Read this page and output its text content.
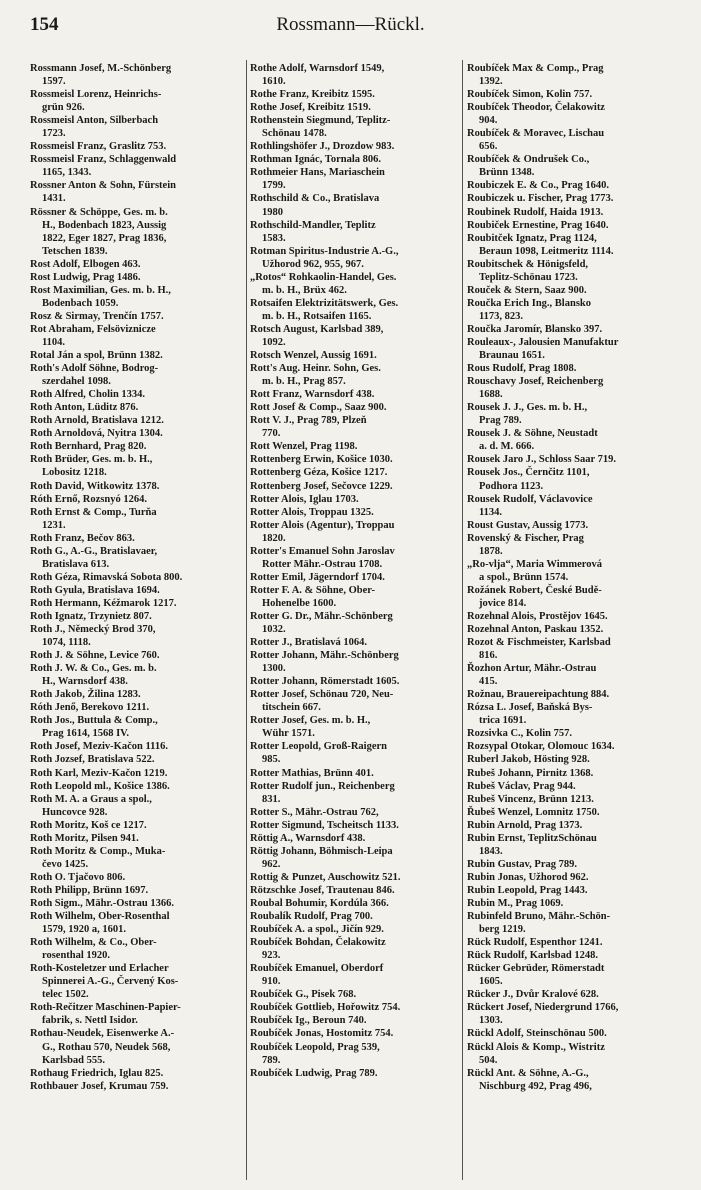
154	Rossmann—Rückl.
Rossmann Josef, M.-Schönberg
1597.
Rossmeisl Lorenz, Heinrichs-
grün 926.
Rossmeisl Anton, Silberbach
1723.
Rossmeisl Franz, Graslitz 753.
Rossmeisl Franz, Schlaggenwald
1165, 1343.
Rossner Anton & Sohn, Fürstein
1431.
Rössner & Schöppe, Ges. m. b.
H., Bodenbach 1823, Aussig
1822, Eger 1827, Prag 1836,
Tetschen 1839.
Rost Adolf, Elbogen 463.
Rost Ludwig, Prag 1486.
Rost Maximilian, Ges. m. b. H.,
Bodenbach 1059.
Rosz & Sirmay, Trenčín 1757.
Rot Abraham, Felsöviznicze
1104.
Rotal Ján a spol, Brünn 1382.
Roth's Adolf Söhne, Bodrog-
szerdahel 1098.
Roth Alfred, Cholin 1334.
Roth Anton, Lüditz 876.
Roth Arnold, Bratislava 1212.
Roth Arnoldová, Nyitra 1304.
Roth Bernhard, Prag 820.
Roth Brüder, Ges. m. b. H.,
Lobositz 1218.
Roth David, Witkowitz 1378.
Róth Ernő, Rozsnyó 1264.
Roth Ernst & Comp., Turňa
1231.
Roth Franz, Bečov 863.
Roth G., A.-G., Bratislavaer,
Bratislava 613.
Roth Géza, Rimavská Sobota 800.
Roth Gyula, Bratislava 1694.
Roth Hermann, Kéžmarok 1217.
Roth Ignatz, Trzynietz 807.
Roth J., Německý Brod 370,
1074, 1118.
Roth J. & Söhne, Levice 760.
Roth J. W. & Co., Ges. m. b.
H., Warnsdorf 438.
Roth Jakob, Žilina 1283.
Róth Jenő, Berekovo 1211.
Roth Jos., Buttula & Comp.,
Prag 1614, 1568 IV.
Roth Josef, Meziv-Kačon 1116.
Roth Jozsef, Bratislava 522.
Roth Karl, Meziv-Kačon 1219.
Roth Leopold ml., Košice 1386.
Roth M. A. a Graus a spol.,
Huncovce 928.
Roth Moritz, Koš ce 1217.
Roth Moritz, Pilsen 941.
Roth Moritz & Comp., Muka-
čevo 1425.
Roth O. Tjačovo 806.
Roth Philipp, Brünn 1697.
Roth Sigm., Mähr.-Ostrau 1366.
Roth Wilhelm, Ober-Rosenthal
1579, 1920 a, 1601.
Roth Wilhelm, & Co., Ober-
rosenthal 1920.
Roth-Kosteletzer und Erlacher
Spinnerei A.-G., Červený Kos-
telec 1502.
Roth-Rečitzer Maschinen-Papier-
fabrik, s. Nettl Isidor.
Rothau-Neudek, Eisenwerke A.-
G., Rothau 570, Neudek 568,
Karlsbad 555.
Rothaug Friedrich, Iglau 825.
Rothbauer Josef, Krumau 759.
Rothe Adolf, Warnsdorf 1549,
1610.
Rothe Franz, Kreibitz 1595.
Rothe Josef, Kreibitz 1519.
Rothenstein Siegmund, Teplitz-
Schönau 1478.
Rothlingshöfer J., Drozdow 983.
Rothman Ignác, Tornala 806.
Rothmeier Hans, Mariaschein
1799.
Rothschild & Co., Bratislava
1980
Rothschild-Mandler, Teplitz
1583.
Rotman Spiritus-Industrie A.-G.,
Užhorod 962, 955, 967.
„Rotos“ Rohkaolin-Handel, Ges.
m. b. H., Brüx 462.
Rotsaifen Elektrizitätswerk, Ges.
m. b. H., Rotsaifen 1165.
Rotsch August, Karlsbad 389,
1092.
Rotsch Wenzel, Aussig 1691.
Rott's Aug. Heinr. Sohn, Ges.
m. b. H., Prag 857.
Rott Franz, Warnsdorf 438.
Rott Josef & Comp., Saaz 900.
Rott V. J., Prag 789, Plzeň
770.
Rott Wenzel, Prag 1198.
Rottenberg Erwin, Košice 1030.
Rottenberg Géza, Košice 1217.
Rottenberg Josef, Sečovce 1229.
Rotter Alois, Iglau 1703.
Rotter Alois, Troppau 1325.
Rotter Alois (Agentur), Troppau
1820.
Rotter's Emanuel Sohn Jaroslav
Rotter Mähr.-Ostrau 1708.
Rotter Emil, Jägerndorf 1704.
Rotter F. A. & Söhne, Ober-
Hohenelbe 1600.
Rotter G. Dr., Mähr.-Schönberg
1032.
Rotter J., Bratislavá 1064.
Rotter Johann, Mähr.-Schönberg
1300.
Rotter Johann, Römerstadt 1605.
Rotter Josef, Schönau 720, Neu-
titschein 667.
Rotter Josef, Ges. m. b. H.,
Wühr 1571.
Rotter Leopold, Groß-Raigern
985.
Rotter Mathias, Brünn 401.
Rotter Rudolf jun., Reichenberg
831.
Rotter S., Mähr.-Ostrau 762,
Rotter Sigmund, Tscheitsch 1133.
Röttig A., Warnsdorf 438.
Röttig Johann, Böhmisch-Leipa
962.
Rottig & Punzet, Auschowitz 521.
Rötzschke Josef, Trautenau 846.
Roubal Bohumir, Kordúla 366.
Roubalík Rudolf, Prag 700.
Roubíček A. a spol., Jičín 929.
Roubíček Bohdan, Čelakowitz
923.
Roubíček Emanuel, Oberdorf
910.
Roubíček G., Pisek 768.
Roubíček Gottlieb, Hořowitz 754.
Roubíček Ig., Beroun 740.
Roubíček Jonas, Hostomitz 754.
Roubíček Leopold, Prag 539,
789.
Roubíček Ludwig, Prag 789.
Roubíček Max & Comp., Prag
1392.
Roubíček Simon, Kolin 757.
Roubíček Theodor, Čelakowitz
904.
Roubíček & Moravec, Lischau
656.
Roubíček & Ondrušek Co.,
Brünn 1348.
Roubiczek E. & Co., Prag 1640.
Roubiczek u. Fischer, Prag 1773.
Roubinek Rudolf, Haida 1913.
Roubiček Ernestine, Prag 1640.
Roubitček Ignatz, Prag 1124,
Beraun 1098, Leitmeritz 1114.
Roubitschek & Hönigsfeld,
Teplitz-Schönau 1723.
Rouček & Stern, Saaz 900.
Roučka Erich Ing., Blansko
1173, 823.
Roučka Jaromír, Blansko 397.
Rouleaux-, Jalousien Manufaktur
Braunau 1651.
Rous Rudolf, Prag 1808.
Rouschavy Josef, Reichenberg
1688.
Rousek J. J., Ges. m. b. H.,
Prag 789.
Rousek J. & Söhne, Neustadt
a. d. M. 666.
Rousek Jaro J., Schloss Saar 719.
Rousek Jos., Černčitz 1101,
Podhora 1123.
Rousek Rudolf, Václavovice
1134.
Roust Gustav, Aussig 1773.
Rovenský & Fischer, Prag
1878.
„Ro-vlja“, Maria Wimmerová
a spol., Brünn 1574.
Rožánek Robert, České Budě-
jovice 814.
Rozehnal Alois, Prostějov 1645.
Rozehnal Anton, Paskau 1352.
Rozot & Fischmeister, Karlsbad
816.
Řozhon Artur, Mähr.-Ostrau
415.
Rožnau, Brauereipachtung 884.
Rózsa L. Josef, Baňská Bys-
trica 1691.
Rozsivka C., Kolin 757.
Rozsypal Otokar, Olomouc 1634.
Ruberl Jakob, Hösting 928.
Rubeš Johann, Pirnitz 1368.
Rubeš Václav, Prag 944.
Rubeš Vincenz, Brünn 1213.
Řubeš Wenzel, Lomnitz 1750.
Rubin Arnold, Prag 1373.
Rubin Ernst, TeplitzSchönau
1843.
Rubin Gustav, Prag 789.
Rubin Jonas, Užhorod 962.
Rubin Leopold, Prag 1443.
Rubin M., Prag 1069.
Rubinfeld Bruno, Mähr.-Schön-
berg 1219.
Rück Rudolf, Espenthor 1241.
Rück Rudolf, Karlsbad 1248.
Rücker Gebrüder, Römerstadt
1605.
Rücker J., Dvůr Kralové 628.
Rückert Josef, Niedergrund 1766,
1303.
Rückl Adolf, Steinschönau 500.
Rückl Alois & Komp., Wistritz
504.
Rückl Ant. & Söhne, A.-G.,
Nischburg 492, Prag 496,
